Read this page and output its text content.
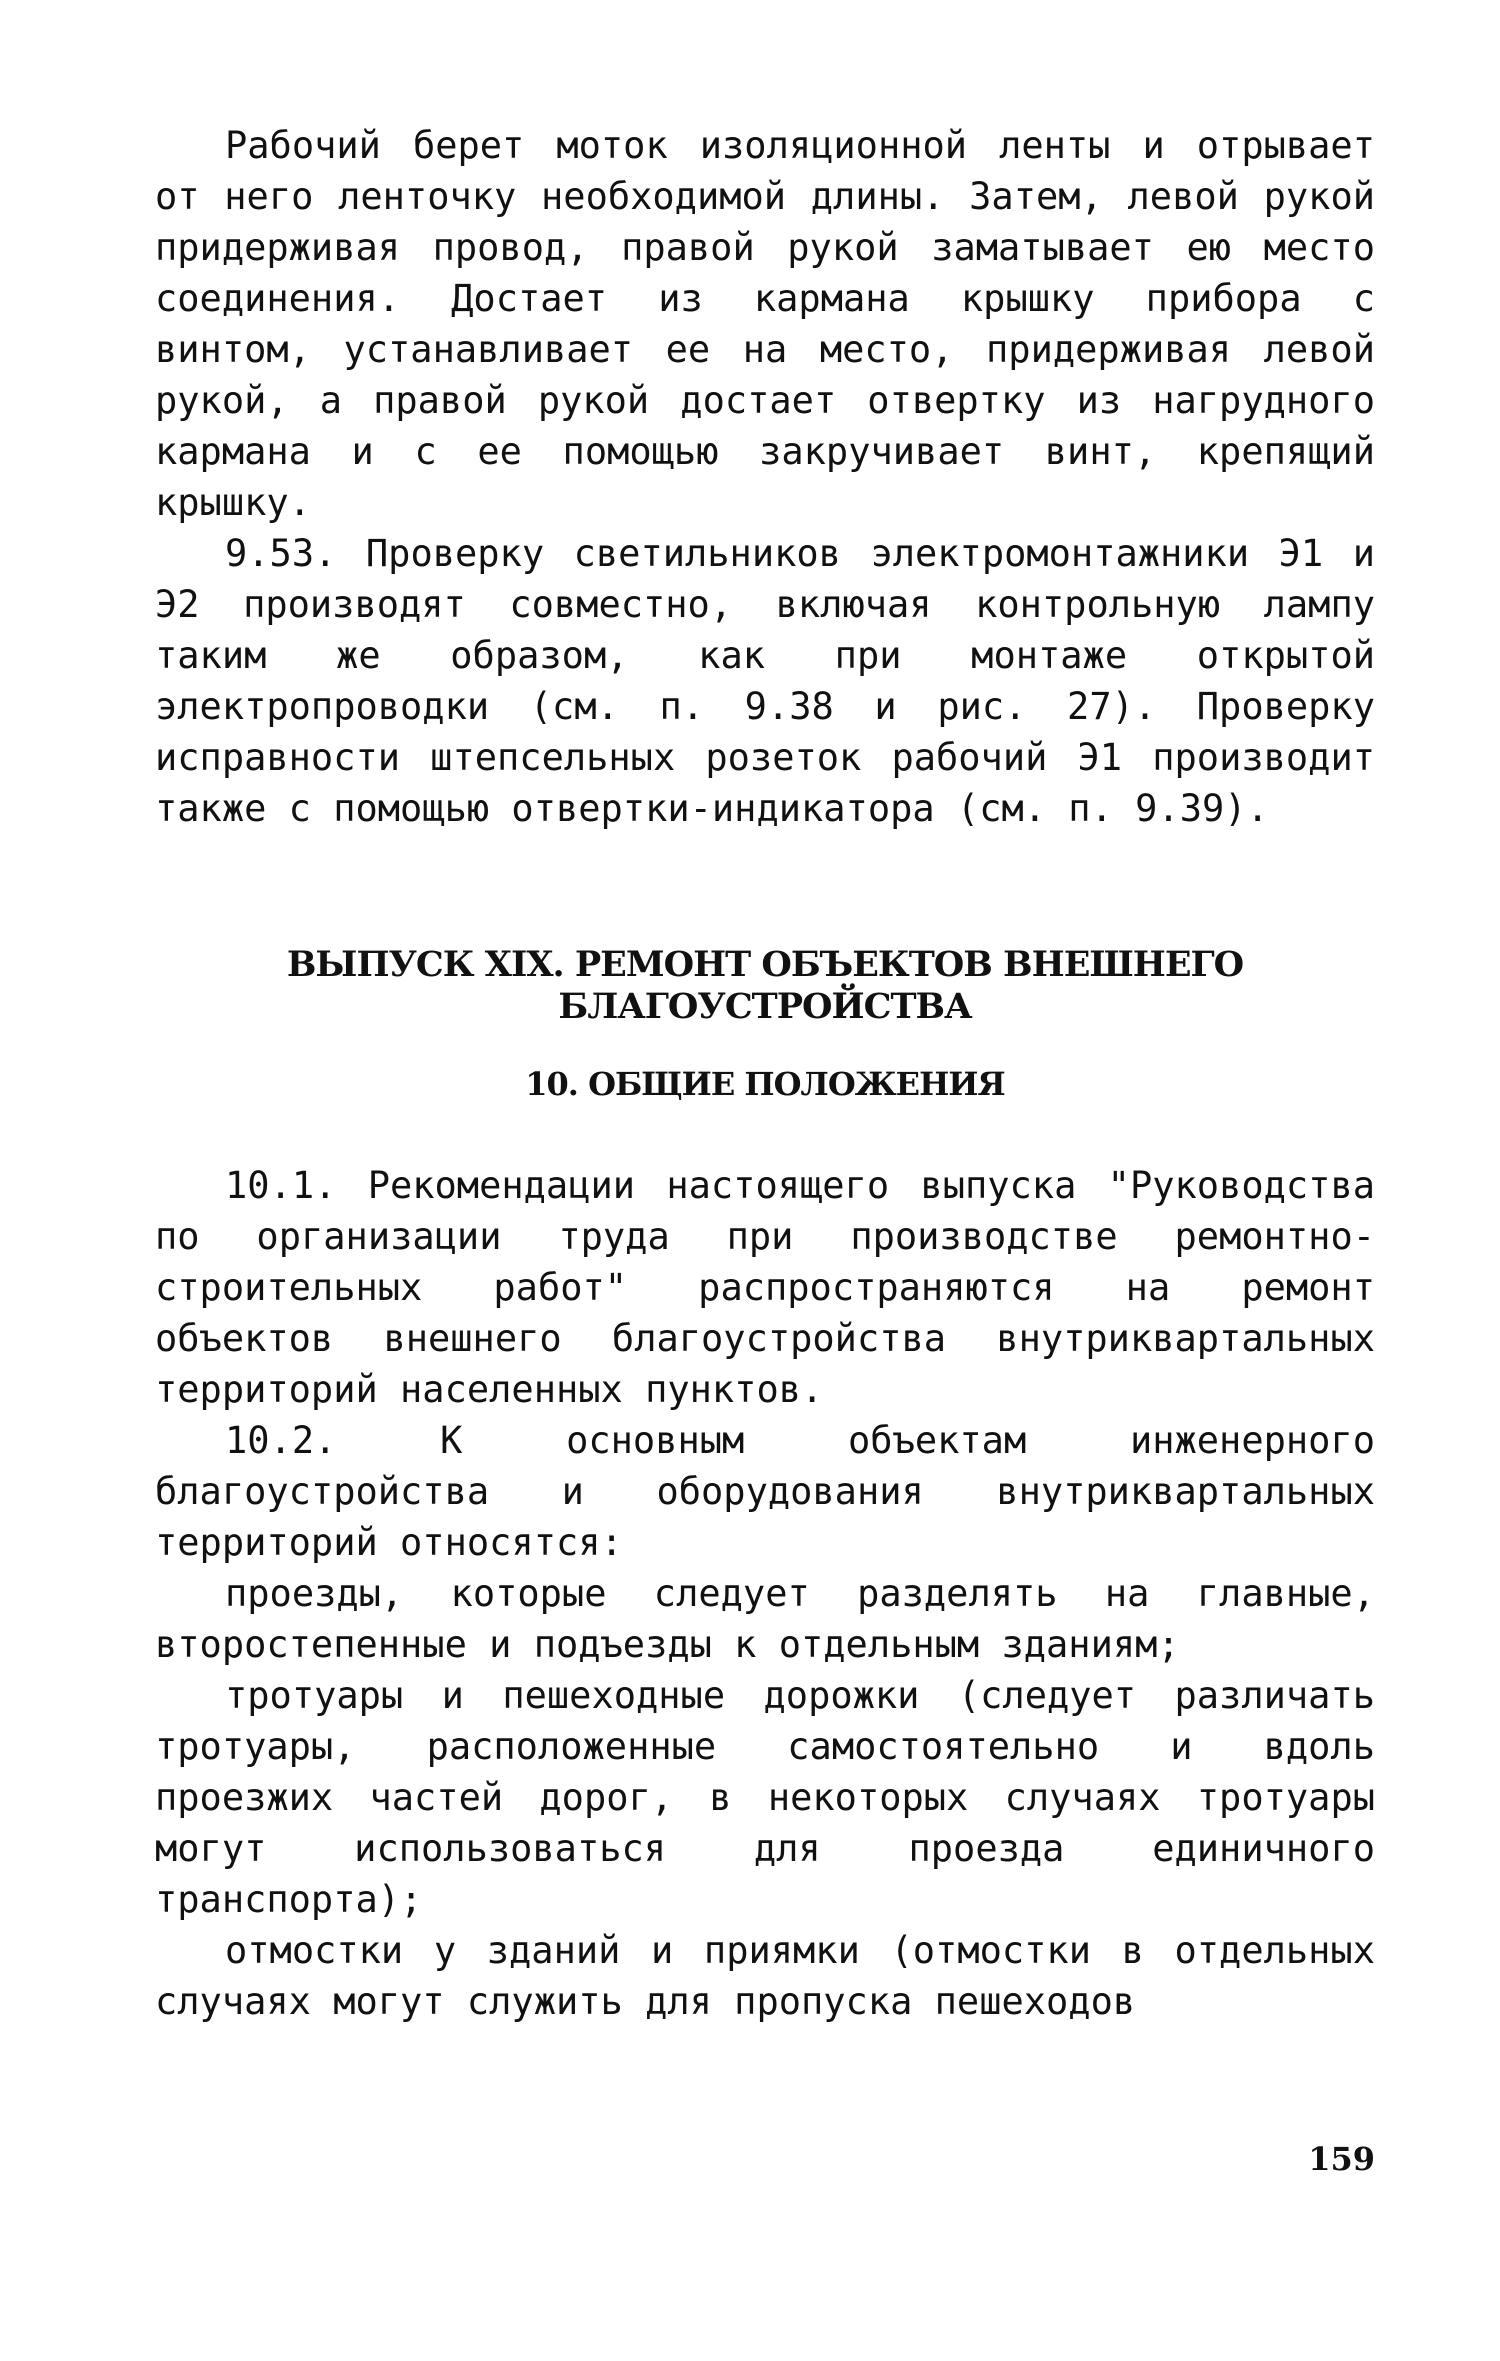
Рабочий берет моток изоляционной ленты и отрывает от него ленточку необходимой длины. Затем, левой рукой придерживая провод, правой рукой заматывает ею место соединения. Достает из кармана крышку прибора с винтом, устанавливает ее на место, придерживая левой рукой, а правой рукой достает отвертку из нагрудного кармана и с ее помощью закручивает винт, крепящий крышку.

9.53. Проверку светильников электромонтажники Э1 и Э2 производят совместно, включая контрольную лампу таким же образом, как при монтаже открытой электропроводки (см. п. 9.38 и рис. 27). Проверку исправности штепсельных розеток рабочий Э1 производит также с помощью отвертки-индикатора (см. п. 9.39).

ВЫПУСК XIX. РЕМОНТ ОБЪЕКТОВ ВНЕШНЕГО
БЛАГОУСТРОЙСТВА
10. ОБЩИЕ ПОЛОЖЕНИЯ

10.1. Рекомендации настоящего выпуска "Руководства по организации труда при производстве ремонтно-строительных работ" распространяются на ремонт объектов внешнего благоустройства внутриквартальных территорий населенных пунктов.

10.2. К основным объектам инженерного благоустройства и оборудования внутриквартальных территорий относятся:

проезды, которые следует разделять на главные, второстепенные и подъезды к отдельным зданиям;

тротуары и пешеходные дорожки (следует различать тротуары, расположенные самостоятельно и вдоль проезжих частей дорог, в некоторых случаях тротуары могут использоваться для проезда единичного транспорта);

отмостки у зданий и приямки (отмостки в отдельных случаях могут служить для пропуска пешеходов

159
